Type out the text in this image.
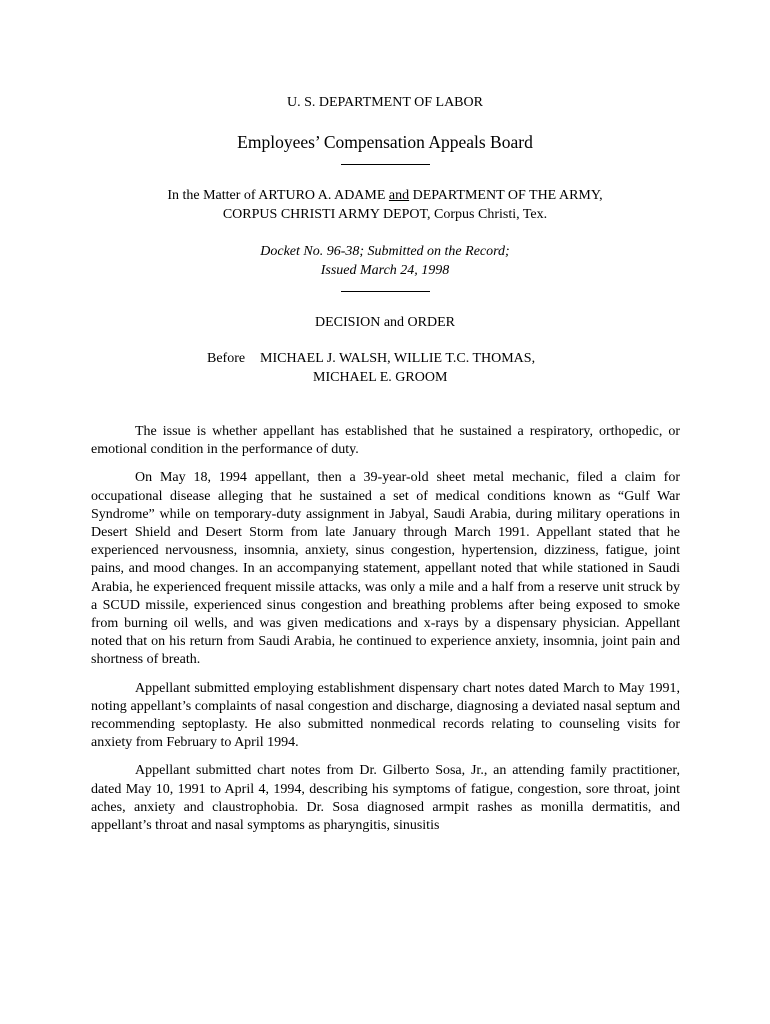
U. S. DEPARTMENT OF LABOR
Employees’ Compensation Appeals Board
In the Matter of ARTURO A. ADAME and DEPARTMENT OF THE ARMY,
CORPUS CHRISTI ARMY DEPOT, Corpus Christi, Tex.
Docket No. 96-38; Submitted on the Record;
Issued March 24, 1998
DECISION and ORDER
Before MICHAEL J. WALSH, WILLIE T.C. THOMAS,
MICHAEL E. GROOM

The issue is whether appellant has established that he sustained a respiratory, orthopedic, or emotional condition in the performance of duty.

On May 18, 1994 appellant, then a 39-year-old sheet metal mechanic, filed a claim for occupational disease alleging that he sustained a set of medical conditions known as “Gulf War Syndrome” while on temporary-duty assignment in Jabyal, Saudi Arabia, during military operations in Desert Shield and Desert Storm from late January through March 1991. Appellant stated that he experienced nervousness, insomnia, anxiety, sinus congestion, hypertension, dizziness, fatigue, joint pains, and mood changes. In an accompanying statement, appellant noted that while stationed in Saudi Arabia, he experienced frequent missile attacks, was only a mile and a half from a reserve unit struck by a SCUD missile, experienced sinus congestion and breathing problems after being exposed to smoke from burning oil wells, and was given medications and x-rays by a dispensary physician. Appellant noted that on his return from Saudi Arabia, he continued to experience anxiety, insomnia, joint pain and shortness of breath.

Appellant submitted employing establishment dispensary chart notes dated March to May 1991, noting appellant’s complaints of nasal congestion and discharge, diagnosing a deviated nasal septum and recommending septoplasty. He also submitted nonmedical records relating to counseling visits for anxiety from February to April 1994.

Appellant submitted chart notes from Dr. Gilberto Sosa, Jr., an attending family practitioner, dated May 10, 1991 to April 4, 1994, describing his symptoms of fatigue, congestion, sore throat, joint aches, anxiety and claustrophobia. Dr. Sosa diagnosed armpit rashes as monilla dermatitis, and appellant’s throat and nasal symptoms as pharyngitis, sinusitis
